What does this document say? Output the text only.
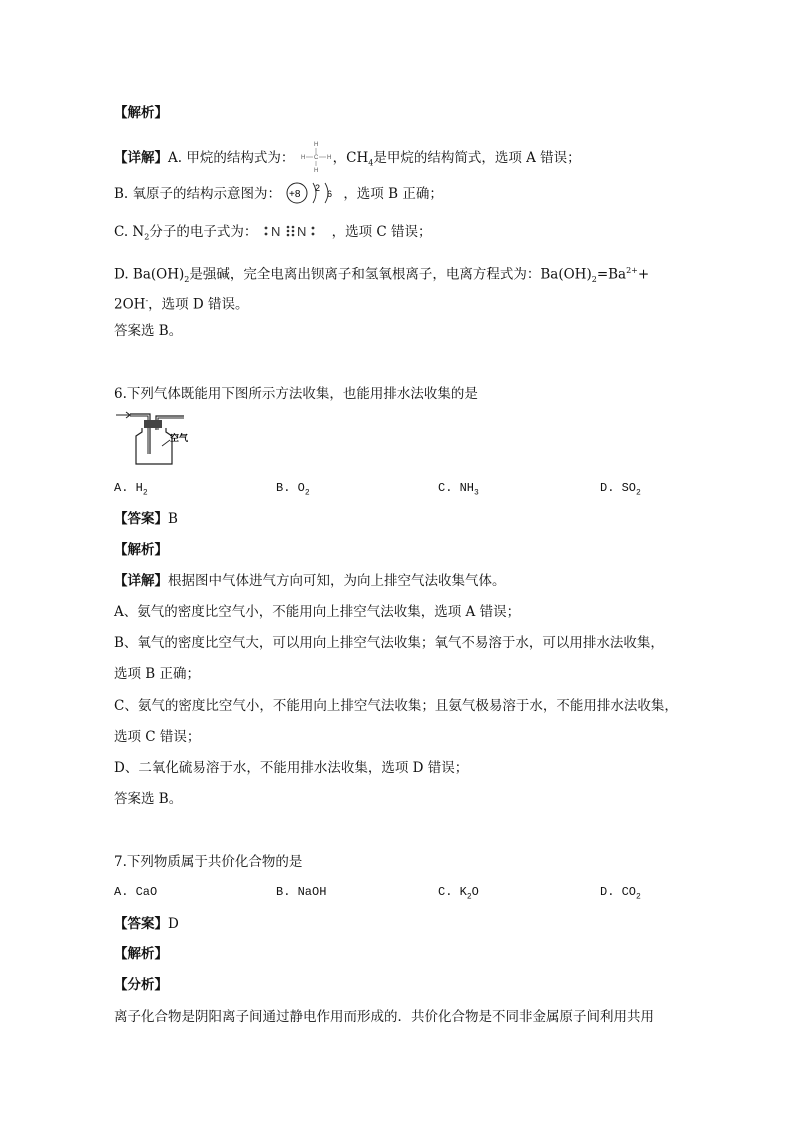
【解析】
【详解】A. 甲烷的结构式为：
H
H
H	H
C ，$CH_4$是甲烷的结构简式，选项 A 错误；
B. 氧原子的结构示意图为： +8
2
6 ，选项 B 正确；
C. $N_2$分子的电子式为： N N ，选项 C 错误；
D. $Ba(OH)_2$是强碱，完全电离出钡离子和氢氧根离子，电离方程式为：$Ba(OH)_2=Ba^{2+}+$
2OH-，选项 D 错误。
答案选 B。
6.下列气体既能用下图所示方法收集，也能用排水法收集的是
空气
A. $H_2$	B. $O_2$	C. $NH_3$	D. $SO_2$
【答案】B
【解析】
【详解】根据图中气体进气方向可知，为向上排空气法收集气体。
A、氨气的密度比空气小，不能用向上排空气法收集，选项 A 错误；
B、氧气的密度比空气大，可以用向上排空气法收集；氧气不易溶于水，可以用排水法收集，
选项 B 正确；
C、氨气的密度比空气小，不能用向上排空气法收集；且氨气极易溶于水，不能用排水法收集，
选项 C 错误；
D、二氧化硫易溶于水，不能用排水法收集，选项 D 错误；
答案选 B。
7.下列物质属于共价化合物的是
A. CaO	B. NaOH	C. $K_2O$	D. $CO_2$
【答案】D
【解析】
【分析】
离子化合物是阴阳离子间通过静电作用而形成的．共价化合物是不同非金属原子间利用共用
